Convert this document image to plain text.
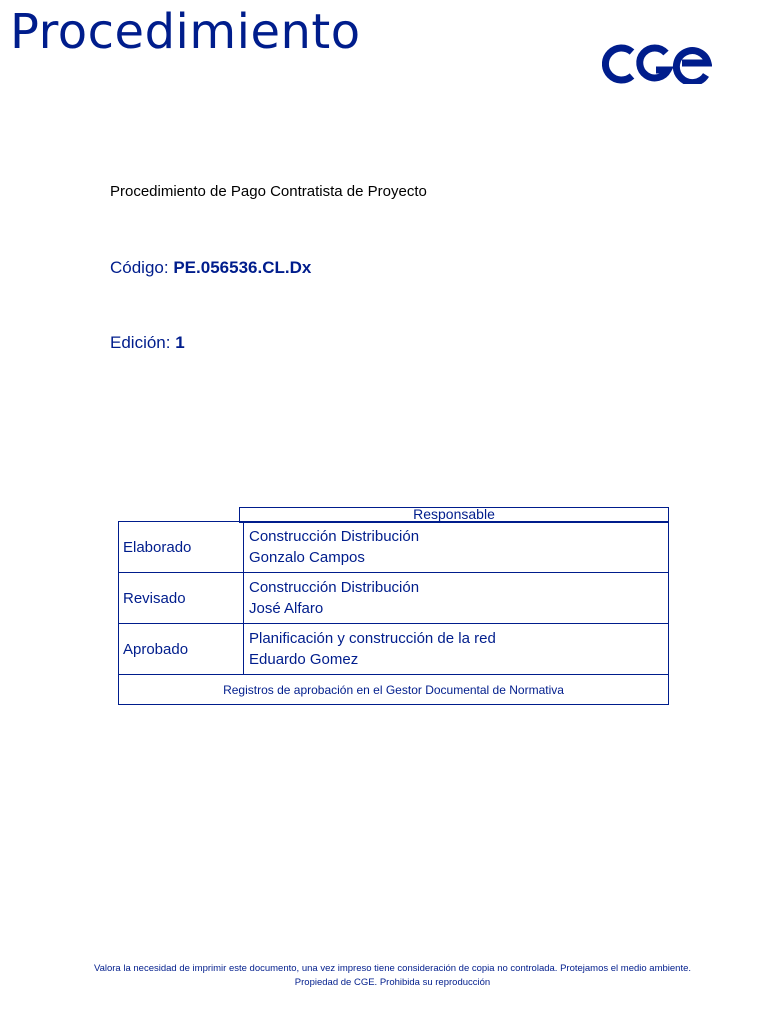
Procedimiento
Procedimiento de Pago Contratista de Proyecto
Código: PE.056536.CL.Dx
Edición: 1
Responsable
Elaborado	Construcción Distribución
Gonzalo Campos

Revisado	Construcción Distribución
José Alfaro

Aprobado	Planificación y construcción de la red
Eduardo Gomez

Registros de aprobación en el Gestor Documental de Normativa	
Valora la necesidad de imprimir este documento, una vez impreso tiene consideración de copia no controlada. Protejamos el medio ambiente.
Propiedad de CGE. Prohibida su reproducción
